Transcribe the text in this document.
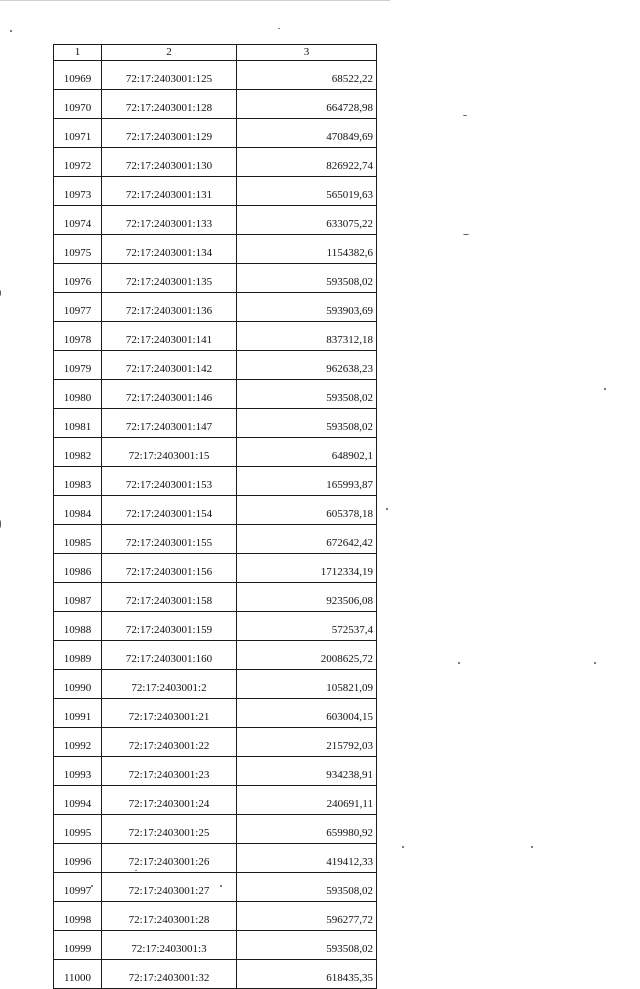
1	2	3
10969	72:17:2403001:125	68522,22
10970	72:17:2403001:128	664728,98
10971	72:17:2403001:129	470849,69
10972	72:17:2403001:130	826922,74
10973	72:17:2403001:131	565019,63
10974	72:17:2403001:133	633075,22
10975	72:17:2403001:134	1154382,6
10976	72:17:2403001:135	593508,02
10977	72:17:2403001:136	593903,69
10978	72:17:2403001:141	837312,18
10979	72:17:2403001:142	962638,23
10980	72:17:2403001:146	593508,02
10981	72:17:2403001:147	593508,02
10982	72:17:2403001:15	648902,1
10983	72:17:2403001:153	165993,87
10984	72:17:2403001:154	605378,18
10985	72:17:2403001:155	672642,42
10986	72:17:2403001:156	1712334,19
10987	72:17:2403001:158	923506,08
10988	72:17:2403001:159	572537,4
10989	72:17:2403001:160	2008625,72
10990	72:17:2403001:2	105821,09
10991	72:17:2403001:21	603004,15
10992	72:17:2403001:22	215792,03
10993	72:17:2403001:23	934238,91
10994	72:17:2403001:24	240691,11
10995	72:17:2403001:25	659980,92
10996	72:17:2403001:26	419412,33
10997	72:17:2403001:27	593508,02
10998	72:17:2403001:28	596277,72
10999	72:17:2403001:3	593508,02
11000	72:17:2403001:32	618435,35
